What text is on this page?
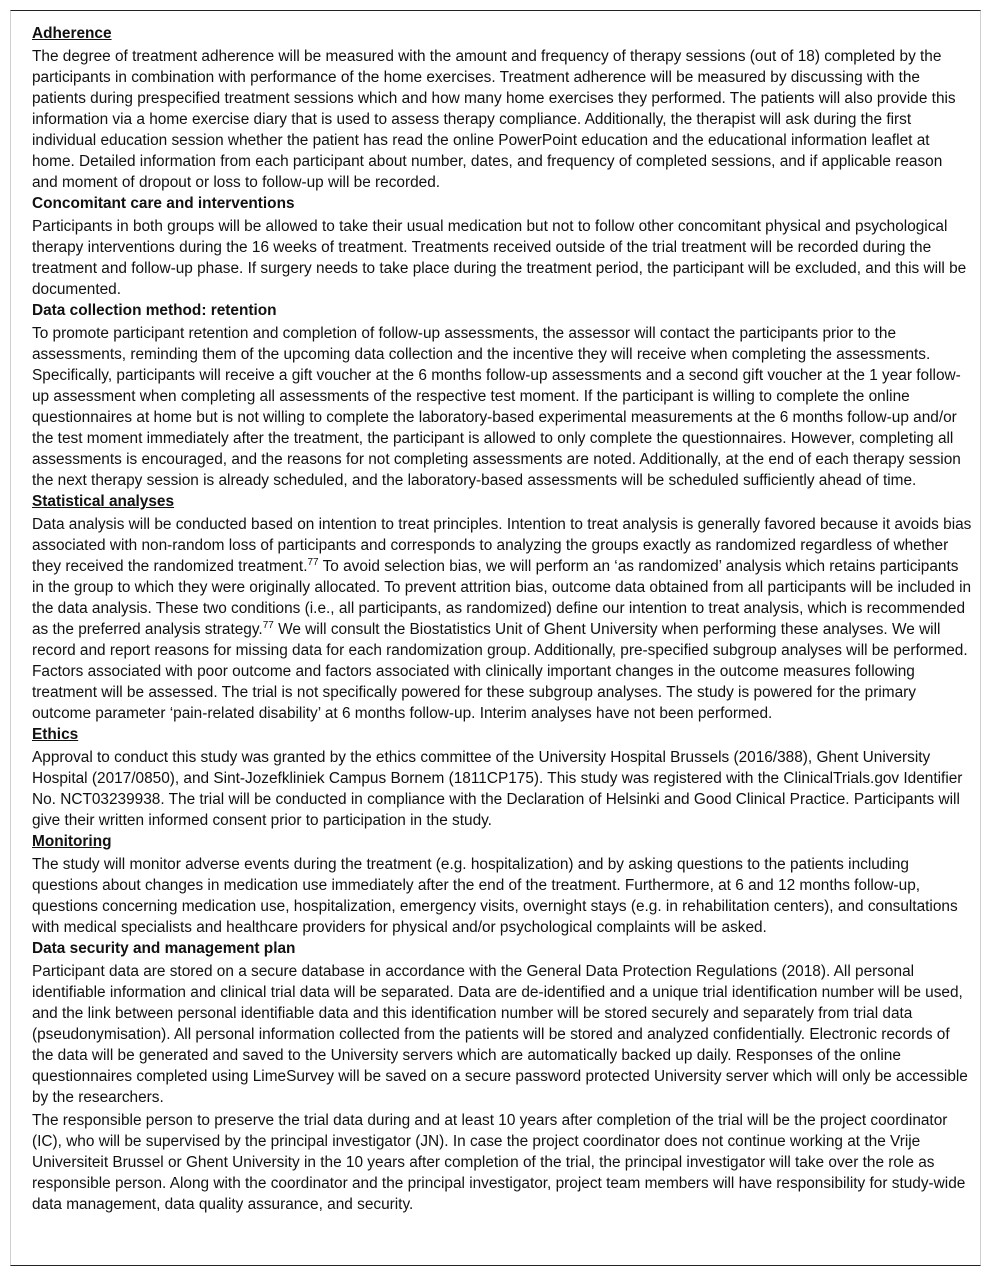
Adherence

The degree of treatment adherence will be measured with the amount and frequency of therapy sessions (out of 18) completed by the participants in combination with performance of the home exercises. Treatment adherence will be measured by discussing with the patients during prespecified treatment sessions which and how many home exercises they performed. The patients will also provide this information via a home exercise diary that is used to assess therapy compliance. Additionally, the therapist will ask during the first individual education session whether the patient has read the online PowerPoint education and the educational information leaflet at home. Detailed information from each participant about number, dates, and frequency of completed sessions, and if applicable reason and moment of dropout or loss to follow-up will be recorded.

Concomitant care and interventions

Participants in both groups will be allowed to take their usual medication but not to follow other concomitant physical and psychological therapy interventions during the 16 weeks of treatment. Treatments received outside of the trial treatment will be recorded during the treatment and follow-up phase. If surgery needs to take place during the treatment period, the participant will be excluded, and this will be documented.

Data collection method: retention

To promote participant retention and completion of follow-up assessments, the assessor will contact the participants prior to the assessments, reminding them of the upcoming data collection and the incentive they will receive when completing the assessments. Specifically, participants will receive a gift voucher at the 6 months follow-up assessments and a second gift voucher at the 1 year follow-up assessment when completing all assessments of the respective test moment. If the participant is willing to complete the online questionnaires at home but is not willing to complete the laboratory-based experimental measurements at the 6 months follow-up and/or the test moment immediately after the treatment, the participant is allowed to only complete the questionnaires. However, completing all assessments is encouraged, and the reasons for not completing assessments are noted. Additionally, at the end of each therapy session the next therapy session is already scheduled, and the laboratory-based assessments will be scheduled sufficiently ahead of time.

Statistical analyses

Data analysis will be conducted based on intention to treat principles. Intention to treat analysis is generally favored because it avoids bias associated with non-random loss of participants and corresponds to analyzing the groups exactly as randomized regardless of whether they received the randomized treatment.$^{77}$ To avoid selection bias, we will perform an ‘as randomized’ analysis which retains participants in the group to which they were originally allocated. To prevent attrition bias, outcome data obtained from all participants will be included in the data analysis. These two conditions (i.e., all participants, as randomized) define our intention to treat analysis, which is recommended as the preferred analysis strategy.$^{77}$ We will consult the Biostatistics Unit of Ghent University when performing these analyses. We will record and report reasons for missing data for each randomization group. Additionally, pre-specified subgroup analyses will be performed. Factors associated with poor outcome and factors associated with clinically important changes in the outcome measures following treatment will be assessed. The trial is not specifically powered for these subgroup analyses. The study is powered for the primary outcome parameter ‘pain-related disability’ at 6 months follow-up. Interim analyses have not been performed.

Ethics

Approval to conduct this study was granted by the ethics committee of the University Hospital Brussels (2016/388), Ghent University Hospital (2017/0850), and Sint-Jozefkliniek Campus Bornem (1811CP175). This study was registered with the ClinicalTrials.gov Identifier No. NCT03239938. The trial will be conducted in compliance with the Declaration of Helsinki and Good Clinical Practice. Participants will give their written informed consent prior to participation in the study.

Monitoring

The study will monitor adverse events during the treatment (e.g. hospitalization) and by asking questions to the patients including questions about changes in medication use immediately after the end of the treatment. Furthermore, at 6 and 12 months follow-up, questions concerning medication use, hospitalization, emergency visits, overnight stays (e.g. in rehabilitation centers), and consultations with medical specialists and healthcare providers for physical and/or psychological complaints will be asked.

Data security and management plan

Participant data are stored on a secure database in accordance with the General Data Protection Regulations (2018). All personal identifiable information and clinical trial data will be separated. Data are de-identified and a unique trial identification number will be used, and the link between personal identifiable data and this identification number will be stored securely and separately from trial data (pseudonymisation). All personal information collected from the patients will be stored and analyzed confidentially. Electronic records of the data will be generated and saved to the University servers which are automatically backed up daily. Responses of the online questionnaires completed using LimeSurvey will be saved on a secure password protected University server which will only be accessible by the researchers.

The responsible person to preserve the trial data during and at least 10 years after completion of the trial will be the project coordinator (IC), who will be supervised by the principal investigator (JN). In case the project coordinator does not continue working at the Vrije Universiteit Brussel or Ghent University in the 10 years after completion of the trial, the principal investigator will take over the role as responsible person. Along with the coordinator and the principal investigator, project team members will have responsibility for study-wide data management, data quality assurance, and security.
